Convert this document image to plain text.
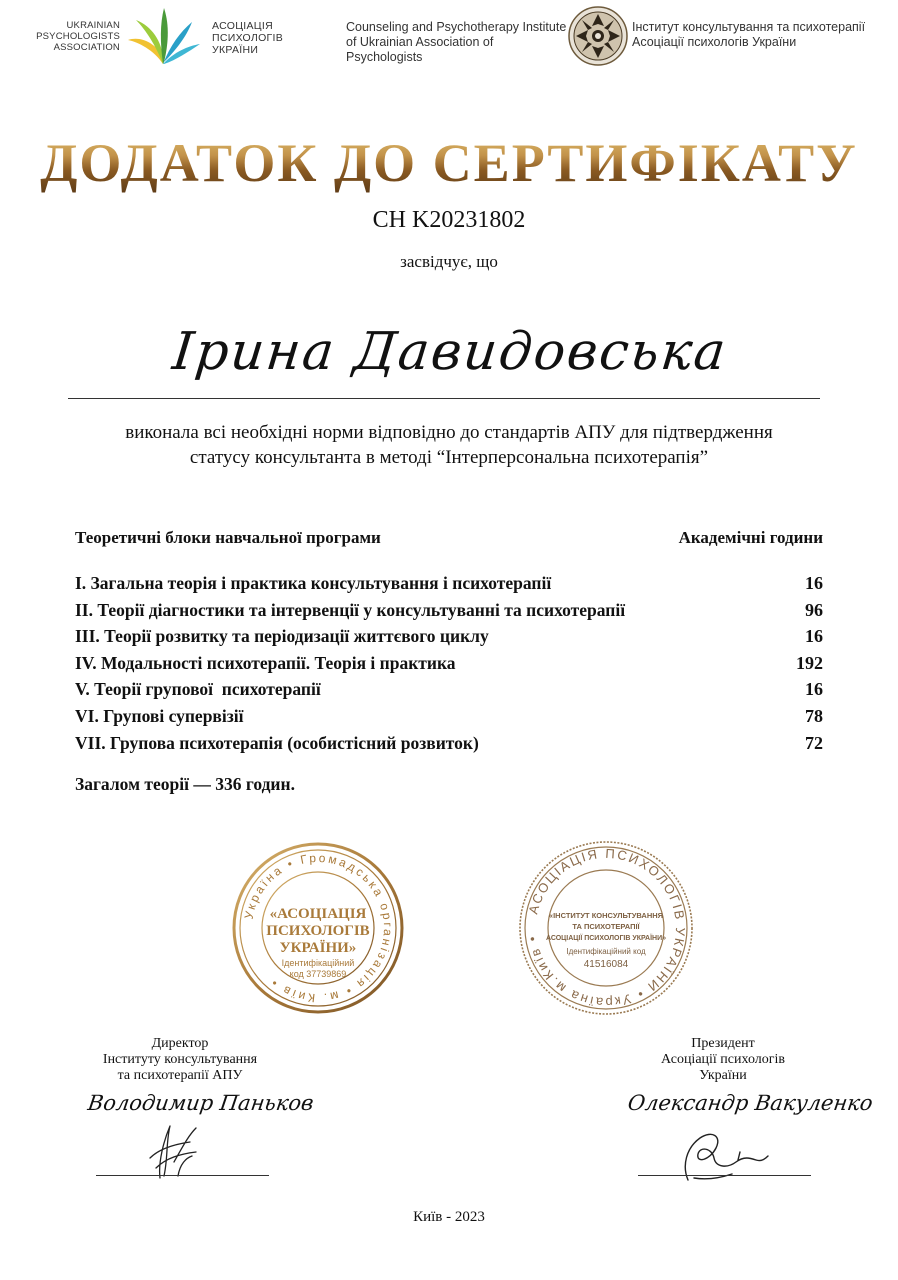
UKRAINIAN
PSYCHOLOGISTS
ASSOCIATION
АСОЦІАЦІЯ
ПСИХОЛОГІВ
УКРАЇНИ
Counseling and Psychotherapy Institute
of Ukrainian Association of Psychologists
Інститут консультування та психотерапії
Асоціації психологів України
ДОДАТОК ДО СЕРТИФІКАТУ
СН K20231802
засвідчує, що
Ірина Давидовська
виконала всі необхідні норми відповідно до стандартів АПУ для підтвердження
статусу консультанта в методі “Інтерперсональна психотерапія”
Теоретичні блоки навчальної програми	Академічні години
I. Загальна теорія і практика консультування і психотерапії	16
II. Теорії діагностики та інтервенції у консультуванні та психотерапії	96
III. Теорії розвитку та періодизації життєвого циклу	16
IV. Модальності психотерапії. Теорія і практика	192
V. Теорії групової  психотерапії	16
VI. Групові супервізії	78
VII. Групова психотерапія (особистісний розвиток)	72
Загалом теорії — 336 годин.
Україна • Громадська організація • м. Київ •
«АСОЦІАЦІЯ
ПСИХОЛОГІВ
УКРАЇНИ»
Ідентифікаційний
код 37739869
АСОЦІАЦІЯ ПСИХОЛОГІВ УКРАЇНИ • Україна м.Київ •
«ІНСТИТУТ КОНСУЛЬТУВАННЯ
ТА ПСИХОТЕРАПІЇ
АСОЦІАЦІЇ ПСИХОЛОГІВ УКРАЇНИ»
Ідентифікаційний код
41516084
Директор
Інституту консультування
та психотерапії АПУ
Володимир Паньков
Президент
Асоціації психологів
України
Олександр Вакуленко
Київ - 2023
